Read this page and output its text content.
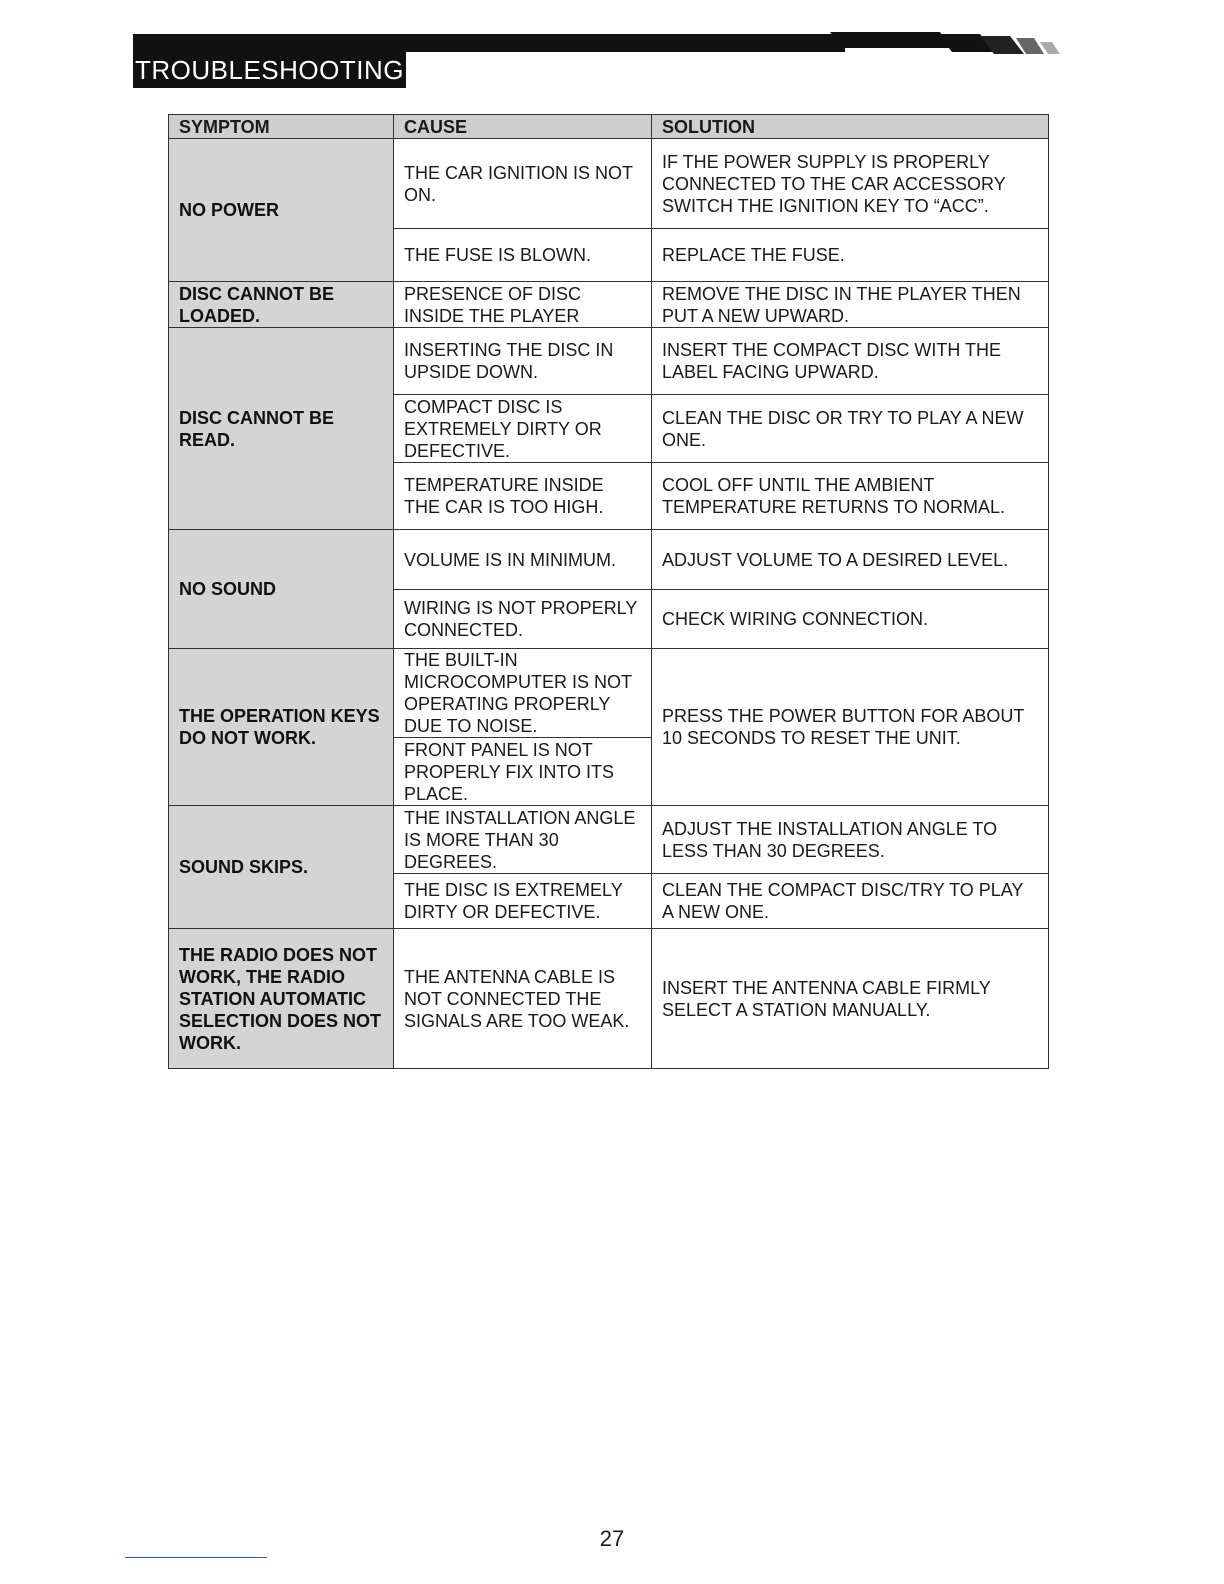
TROUBLESHOOTING
SYMPTOM	CAUSE	SOLUTION
NO POWER	THE CAR IGNITION IS NOT ON.	IF THE POWER SUPPLY IS PROPERLY CONNECTED TO THE CAR ACCESSORY SWITCH THE IGNITION KEY TO “ACC”.
	THE FUSE IS BLOWN.	REPLACE THE FUSE.
DISC CANNOT BE LOADED.	PRESENCE OF DISC INSIDE THE PLAYER	REMOVE THE DISC IN THE PLAYER THEN PUT A NEW UPWARD.
DISC CANNOT BE READ.	INSERTING THE DISC IN UPSIDE DOWN.	INSERT THE COMPACT DISC WITH THE LABEL FACING UPWARD.
	COMPACT DISC IS EXTREMELY DIRTY OR DEFECTIVE.	CLEAN THE DISC OR TRY TO PLAY A NEW ONE.
	TEMPERATURE INSIDE THE CAR IS TOO HIGH.	COOL OFF UNTIL THE AMBIENT TEMPERATURE RETURNS TO NORMAL.
NO SOUND	VOLUME IS IN MINIMUM.	ADJUST VOLUME TO A DESIRED LEVEL.
	WIRING IS NOT PROPERLY CONNECTED.	CHECK WIRING CONNECTION.
THE OPERATION KEYS DO NOT WORK.	THE BUILT-IN MICROCOMPUTER IS NOT OPERATING PROPERLY DUE TO NOISE.	PRESS THE POWER BUTTON FOR ABOUT 10 SECONDS TO RESET THE UNIT.
	FRONT PANEL IS NOT PROPERLY FIX INTO ITS PLACE.	
SOUND SKIPS.	THE INSTALLATION ANGLE IS MORE THAN 30 DEGREES.	ADJUST THE INSTALLATION ANGLE TO LESS THAN 30 DEGREES.
	THE DISC IS EXTREMELY DIRTY OR DEFECTIVE.	CLEAN THE COMPACT DISC/TRY TO PLAY A NEW ONE.
THE RADIO DOES NOT WORK, THE RADIO STATION AUTOMATIC SELECTION DOES NOT WORK.	THE ANTENNA CABLE IS NOT CONNECTED THE SIGNALS ARE TOO WEAK.	INSERT THE ANTENNA CABLE FIRMLY SELECT A STATION MANUALLY.
27
